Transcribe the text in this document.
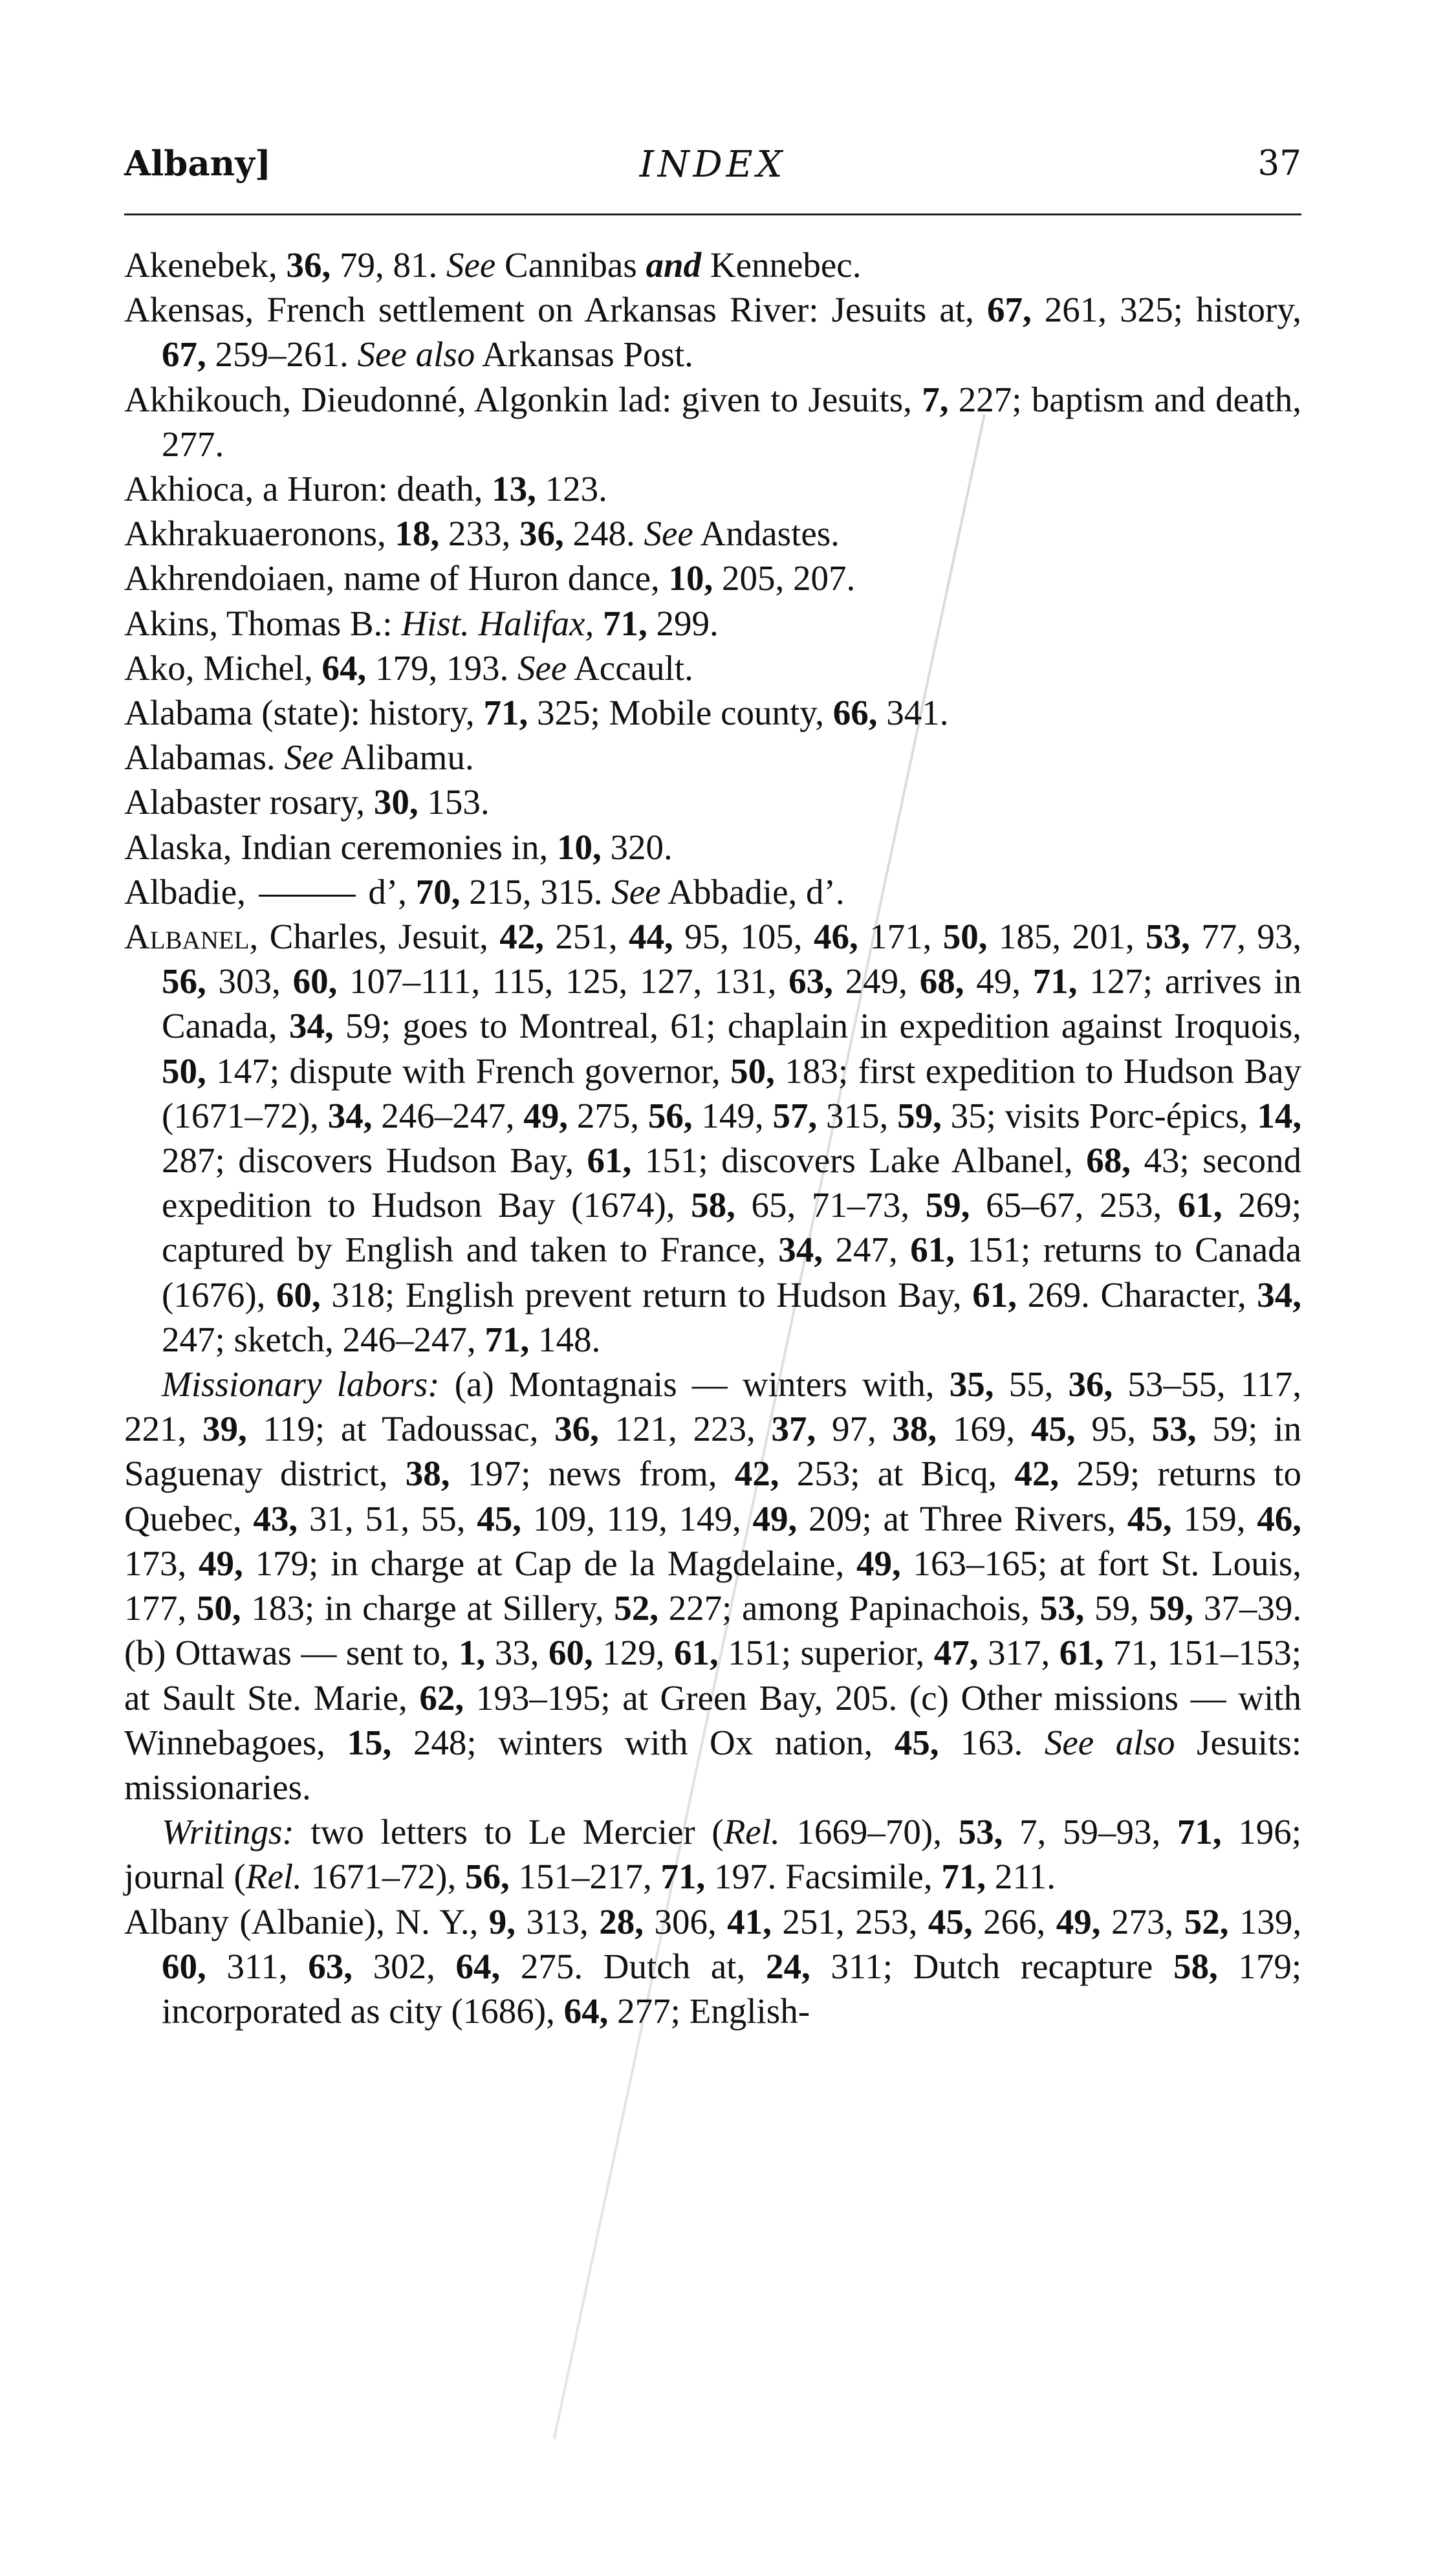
Albany]	INDEX	37

Akenebek, 36, 79, 81. See Cannibas and Kennebec.

Akensas, French settlement on Arkansas River: Jesuits at, 67, 261, 325; history, 67, 259–261. See also Arkansas Post.

Akhikouch, Dieudonné, Algonkin lad: given to Jesuits, 7, 227; baptism and death, 277.

Akhioca, a Huron: death, 13, 123.

Akhrakuaeronons, 18, 233, 36, 248. See Andastes.

Akhrendoiaen, name of Huron dance, 10, 205, 207.

Akins, Thomas B.: Hist. Halifax, 71, 299.

Ako, Michel, 64, 179, 193. See Accault.

Alabama (state): history, 71, 325; Mobile county, 66, 341.

Alabamas. See Alibamu.

Alabaster rosary, 30, 153.

Alaska, Indian ceremonies in, 10, 320.

Albadie,	d’, 70, 215, 315. See Abbadie, d’.

Albanel, Charles, Jesuit, 42, 251, 44, 95, 105, 46, 171, 50, 185, 201, 53, 77, 93, 56, 303, 60, 107–111, 115, 125, 127, 131, 63, 249, 68, 49, 71, 127; arrives in Canada, 34, 59; goes to Montreal, 61; chaplain in expedition against Iroquois, 50, 147; dispute with French governor, 50, 183; first expedition to Hudson Bay (1671–72), 34, 246–247, 49, 275, 56, 149, 57, 315, 59, 35; visits Porc-épics, 14, 287; discovers Hudson Bay, 61, 151; discovers Lake Albanel, 68, 43; second expedition to Hudson Bay (1674), 58, 65, 71–73, 59, 65–67, 253, 61, 269; captured by English and taken to France, 34, 247, 61, 151; returns to Canada (1676), 60, 318; English prevent return to Hudson Bay, 61, 269. Character, 34, 247; sketch, 246–247, 71, 148.

Missionary labors: (a) Montagnais — winters with, 35, 55, 36, 53–55, 117, 221, 39, 119; at Tadoussac, 36, 121, 223, 37, 97, 38, 169, 45, 95, 53, 59; in Saguenay district, 38, 197; news from, 42, 253; at Bicq, 42, 259; returns to Quebec, 43, 31, 51, 55, 45, 109, 119, 149, 49, 209; at Three Rivers, 45, 159, 46, 173, 49, 179; in charge at Cap de la Magdelaine, 49, 163–165; at fort St. Louis, 177, 50, 183; in charge at Sillery, 52, 227; among Papinachois, 53, 59, 59, 37–39. (b) Ottawas — sent to, 1, 33, 60, 129, 61, 151; superior, 47, 317, 61, 71, 151–153; at Sault Ste. Marie, 62, 193–195; at Green Bay, 205. (c) Other missions — with Winnebagoes, 15, 248; winters with Ox nation, 45, 163. See also Jesuits: missionaries.

Writings: two letters to Le Mercier (Rel. 1669–70), 53, 7, 59–93, 71, 196; journal (Rel. 1671–72), 56, 151–217, 71, 197. Facsimile, 71, 211.

Albany (Albanie), N. Y., 9, 313, 28, 306, 41, 251, 253, 45, 266, 49, 273, 52, 139, 60, 311, 63, 302, 64, 275. Dutch at, 24, 311; Dutch recapture 58, 179; incorporated as city (1686), 64, 277; English-
